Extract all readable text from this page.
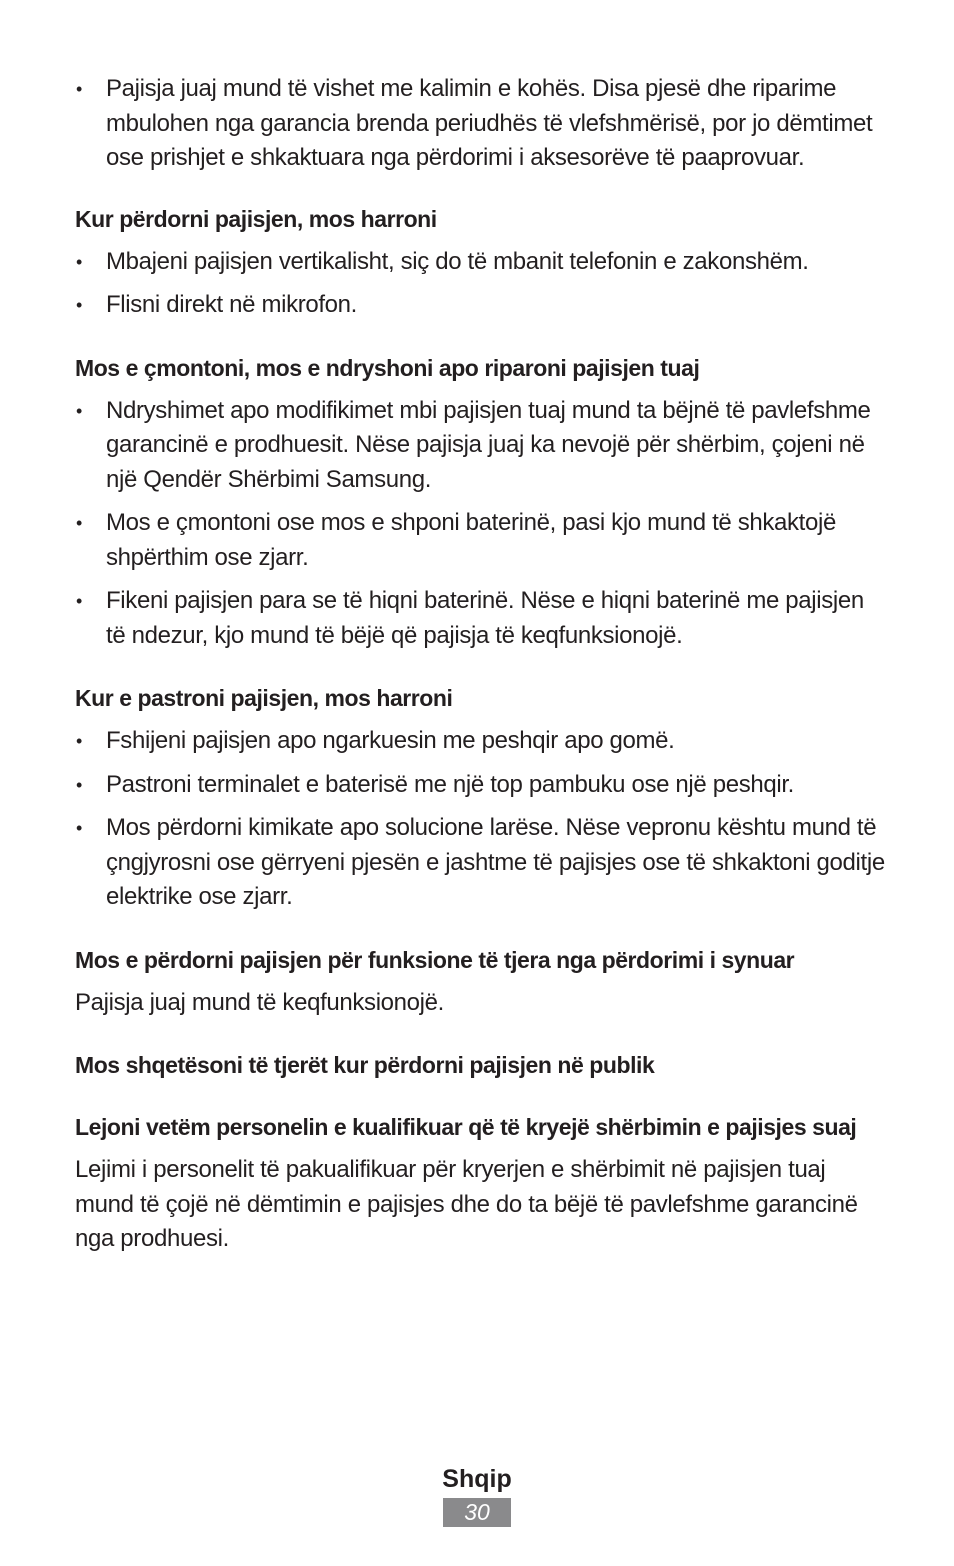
• Pajisja juaj mund të vishet me kalimin e kohës. Disa pjesë dhe riparime mbulohen nga garancia brenda periudhës të vlefshmërisë, por jo dëmtimet ose prishjet e shkaktuara nga përdorimi i aksesorëve të paaprovuar.
Kur përdorni pajisjen, mos harroni
• Mbajeni pajisjen vertikalisht, siç do të mbanit telefonin e zakonshëm.
• Flisni direkt në mikrofon.
Mos e çmontoni, mos e ndryshoni apo riparoni pajisjen tuaj
• Ndryshimet apo modifikimet mbi pajisjen tuaj mund ta bëjnë të pavlefshme garancinë e prodhuesit. Nëse pajisja juaj ka nevojë për shërbim, çojeni në një Qendër Shërbimi Samsung.
• Mos e çmontoni ose mos e shponi baterinë, pasi kjo mund të shkaktojë shpërthim ose zjarr.
• Fikeni pajisjen para se të hiqni baterinë. Nëse e hiqni baterinë me pajisjen të ndezur, kjo mund të bëjë që pajisja të keqfunksionojë.
Kur e pastroni pajisjen, mos harroni
• Fshijeni pajisjen apo ngarkuesin me peshqir apo gomë.
• Pastroni terminalet e baterisë me një top pambuku ose një peshqir.
• Mos përdorni kimikate apo solucione larëse. Nëse vepronu kështu mund të çngjyrosni ose gërryeni pjesën e jashtme të pajisjes ose të shkaktoni goditje elektrike ose zjarr.
Mos e përdorni pajisjen për funksione të tjera nga përdorimi i synuar

Pajisja juaj mund të keqfunksionojë.

Mos shqetësoni të tjerët kur përdorni pajisjen në publik
Lejoni vetëm personelin e kualifikuar që të kryejë shërbimin e pajisjes suaj

Lejimi i personelit të pakualifikuar për kryerjen e shërbimit në pajisjen tuaj mund të çojë në dëmtimin e pajisjes dhe do ta bëjë të pavlefshme garancinë nga prodhuesi.

Shqip
30
